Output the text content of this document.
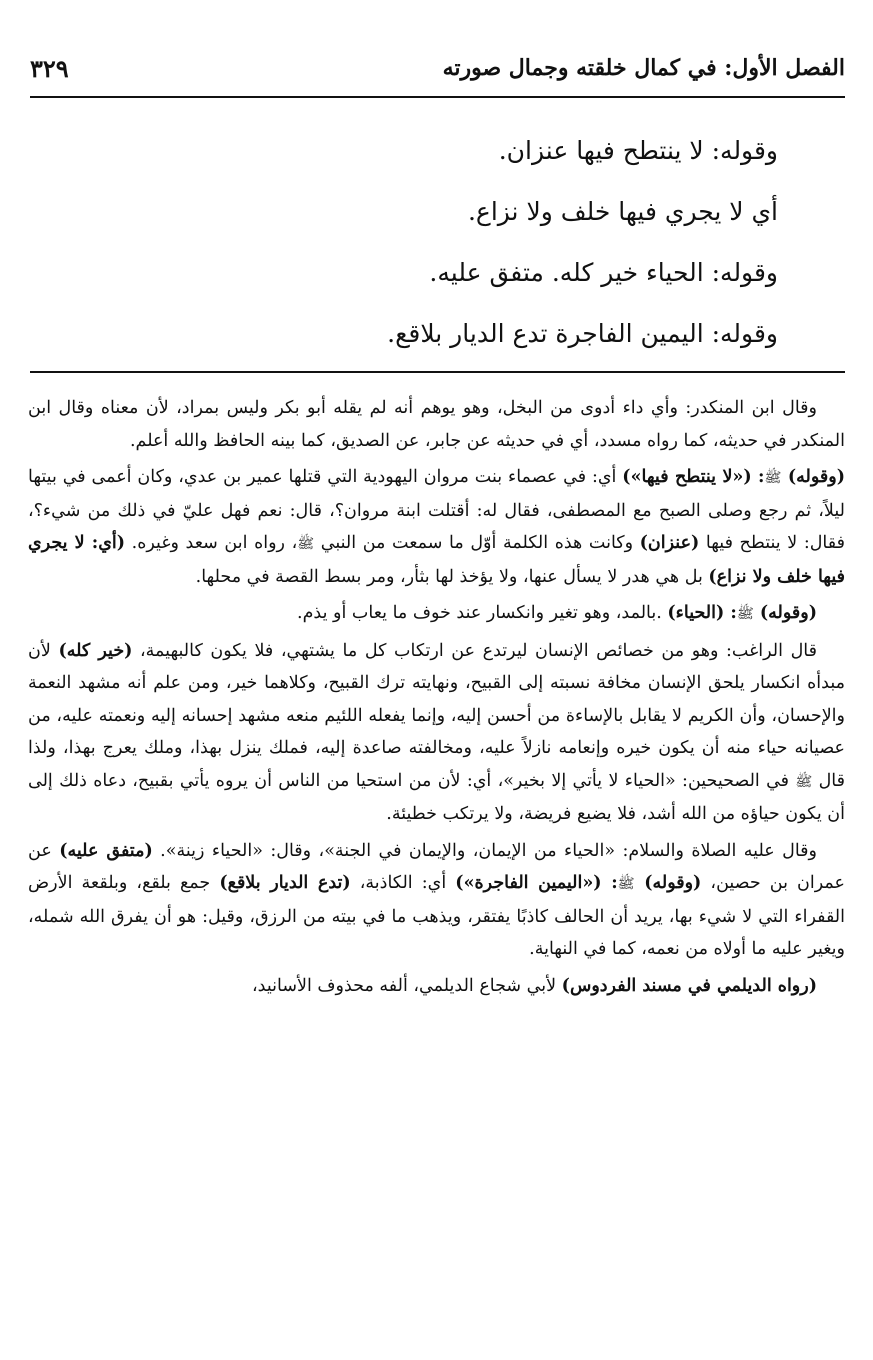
الفصل الأول: في كمال خلقته وجمال صورته
٣٢٩

وقوله: لا ينتطح فيها عنزان.

أي لا يجري فيها خلف ولا نزاع.

وقوله: الحياء خير كله. متفق عليه.

وقوله: اليمين الفاجرة تدع الديار بلاقع.

وقال ابن المنكدر: وأي داء أدوى من البخل، وهو يوهم أنه لم يقله أبو بكر وليس بمراد، لأن معناه وقال ابن المنكدر في حديثه، كما رواه مسدد، أي في حديثه عن جابر، عن الصديق، كما بينه الحافظ والله أعلم.

(وقوله) ﷺ: («لا ينتطح فيها») أي: في عصماء بنت مروان اليهودية التي قتلها عمير بن عدي، وكان أعمى في بيتها ليلاً، ثم رجع وصلى الصبح مع المصطفى، فقال له: أقتلت ابنة مروان؟، قال: نعم فهل عليّ في ذلك من شيء؟، فقال: لا ينتطح فيها (عنزان) وكانت هذه الكلمة أوّل ما سمعت من النبي ﷺ، رواه ابن سعد وغيره. (أي: لا يجري فيها خلف ولا نزاع) بل هي هدر لا يسأل عنها، ولا يؤخذ لها بثأر، ومر بسط القصة في محلها.

(وقوله) ﷺ: (الحياء) .بالمد، وهو تغير وانكسار عند خوف ما يعاب أو يذم.

قال الراغب: وهو من خصائص الإنسان ليرتدع عن ارتكاب كل ما يشتهي، فلا يكون كالبهيمة، (خير كله) لأن مبدأه انكسار يلحق الإنسان مخافة نسبته إلى القبيح، ونهايته ترك القبيح، وكلاهما خير، ومن علم أنه مشهد النعمة والإحسان، وأن الكريم لا يقابل بالإساءة من أحسن إليه، وإنما يفعله اللئيم منعه مشهد إحسانه إليه ونعمته عليه، من عصيانه حياء منه أن يكون خيره وإنعامه نازلاً عليه، ومخالفته صاعدة إليه، فملك ينزل بهذا، وملك يعرج بهذا، ولذا قال ﷺ في الصحيحين: «الحياء لا يأتي إلا بخير»، أي: لأن من استحيا من الناس أن يروه يأتي بقبيح، دعاه ذلك إلى أن يكون حياؤه من الله أشد، فلا يضيع فريضة، ولا يرتكب خطيئة.

وقال عليه الصلاة والسلام: «الحياء من الإيمان، والإيمان في الجنة»، وقال: «الحياء زينة». (متفق عليه) عن عمران بن حصين، (وقوله) ﷺ: («اليمين الفاجرة») أي: الكاذبة، (تدع الديار بلاقع) جمع بلقع، وبلقعة الأرض القفراء التي لا شيء بها، يريد أن الحالف كاذبًا يفتقر، ويذهب ما في بيته من الرزق، وقيل: هو أن يفرق الله شمله، ويغير عليه ما أولاه من نعمه، كما في النهاية.

(رواه الديلمي في مسند الفردوس) لأبي شجاع الديلمي، ألفه محذوف الأسانيد،
